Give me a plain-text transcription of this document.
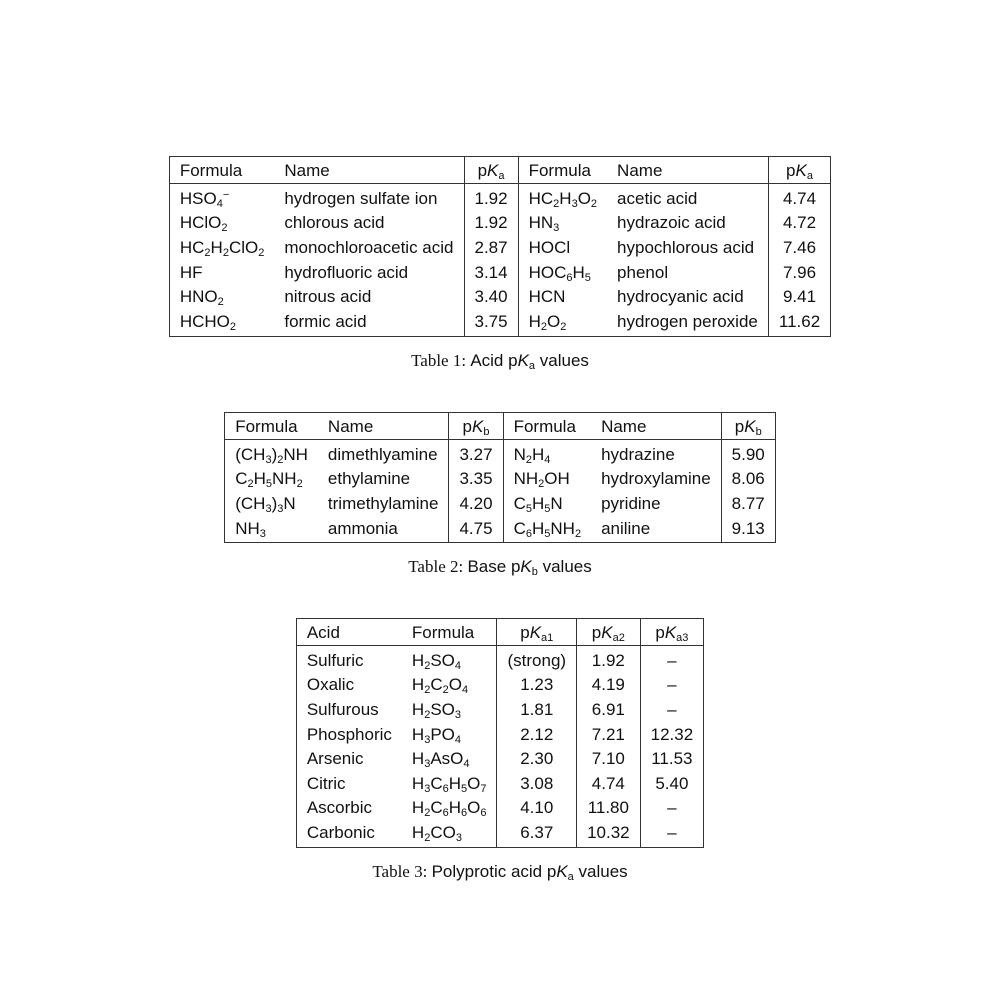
Formula	Name	$pK_a$	Formula	Name	$pK_a$
$HSO_4^-$	hydrogen sulfate ion	1.92	$HC_2H_3O_2$	acetic acid	4.74
HClO$_2$	chlorous acid	1.92	$HN_3$	hydrazoic acid	4.72
$HC_2H_2ClO_2$	monochloroacetic acid	2.87	HOCl	hypochlorous acid	7.46
HF	hydrofluoric acid	3.14	$HOC_6H_5$	phenol	7.96
$HNO_2$	nitrous acid	3.40	HCN	hydrocyanic acid	9.41
$HCHO_2$	formic acid	3.75	$H_2O_2$	hydrogen peroxide	11.62
Table 1: Acid $pK_a$ values
Formula	Name	$pK_b$	Formula	Name	$pK_b$
$(CH_3)_2NH$	dimethlyamine	3.27	$N_2H_4$	hydrazine	5.90
$C_2H_5NH_2$	ethylamine	3.35	$NH_2OH$	hydroxylamine	8.06
$(CH_3)_3N$	trimethylamine	4.20	$C_5H_5N$	pyridine	8.77
$NH_3$	ammonia	4.75	$C_6H_5NH_2$	aniline	9.13
Table 2: Base $pK_b$ values
Acid	Formula	$pK_{a1}$	$pK_{a2}$	$pK_{a3}$
Sulfuric	$H_2SO_4$	(strong)	1.92	–
Oxalic	$H_2C_2O_4$	1.23	4.19	–
Sulfurous	$H_2SO_3$	1.81	6.91	–
Phosphoric	$H_3PO_4$	2.12	7.21	12.32
Arsenic	$H_3AsO_4$	2.30	7.10	11.53
Citric	$H_3C_6H_5O_7$	3.08	4.74	5.40
Ascorbic	$H_2C_6H_6O_6$	4.10	11.80	–
Carbonic	$H_2CO_3$	6.37	10.32	–
Table 3: Polyprotic acid $pK_a$ values
